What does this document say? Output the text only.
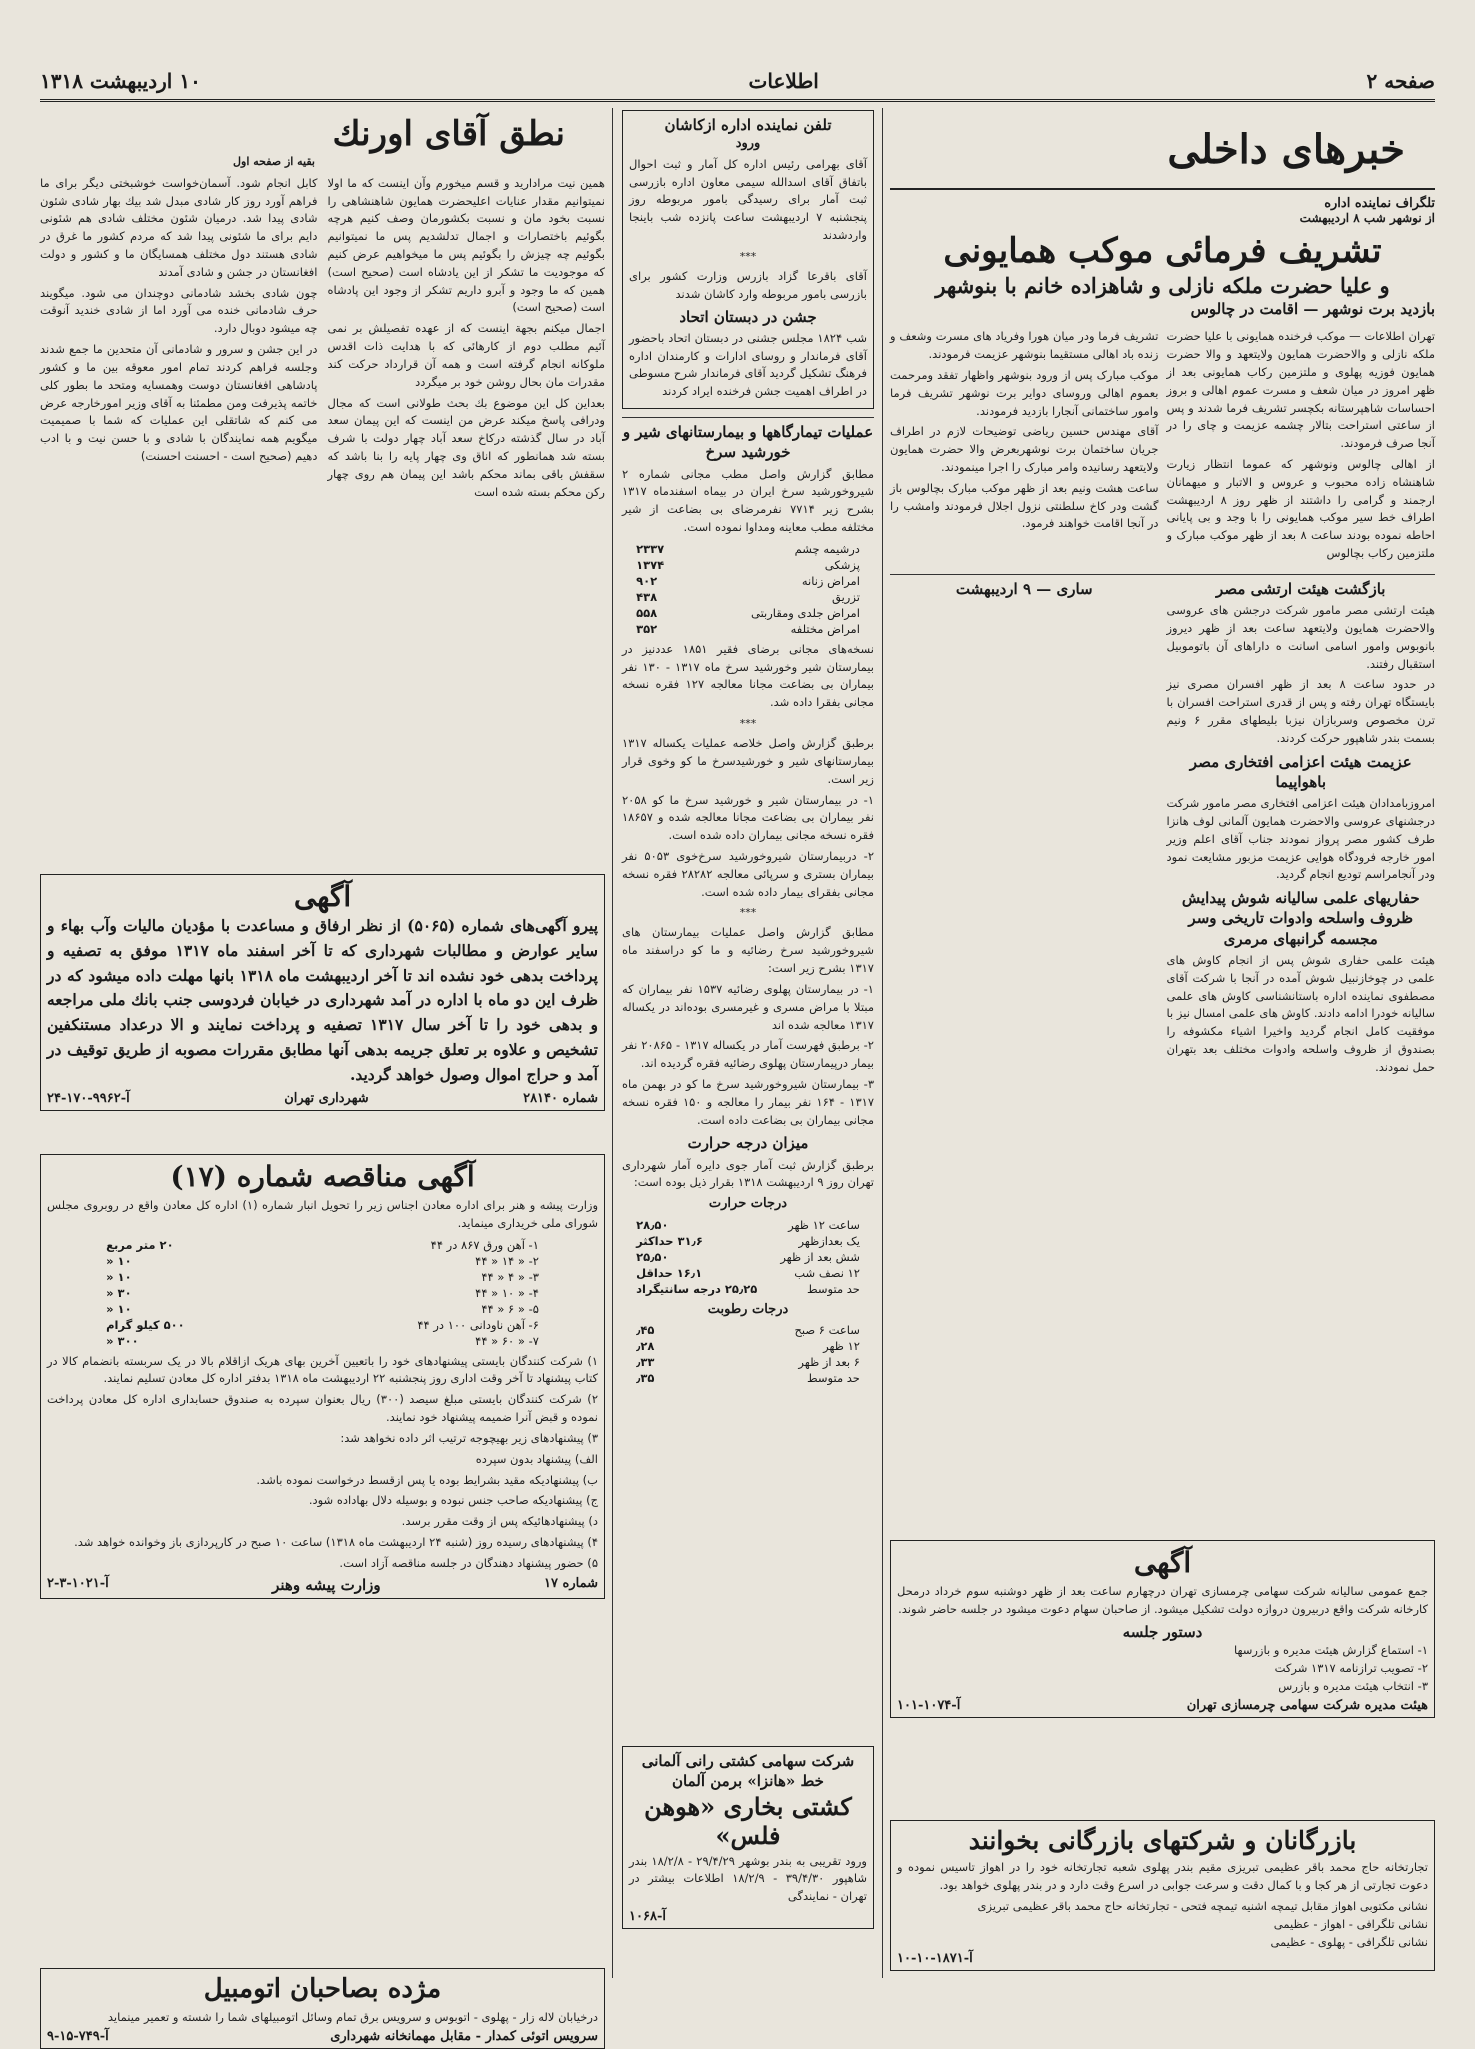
صفحه ۲
اطلاعات
۱۰ اردیبهشت ۱۳۱۸
خبرهای داخلی
تلگراف نماینده اداره
از نوشهر شب ۸ اردیبهشت
تشریف فرمائی موکب همایونی
و علیا حضرت ملکه نازلی و شاهزاده خانم با بنوشهر
بازدید برت نوشهر — اقامت در چالوس

تهران اطلاعات — موکب فرخنده همایونی با علیا حضرت ملکه نازلی و والاحضرت همایون ولایتعهد و والا حضرت همایون فوزیه پهلوی و ملتزمین رکاب همایونی بعد از ظهر امروز در میان شعف و مسرت عموم اهالی و بروز احساسات شاهپرستانه بکچسر تشریف فرما شدند و پس از ساعتی استراحت بتالار چشمه عزیمت و چای را در آنجا صرف فرمودند.

از اهالی چالوس ونوشهر که عموما انتظار زیارت شاهنشاه زاده محبوب و عروس و الاتبار و میهمانان ارجمند و گرامی را داشتند از ظهر روز ۸ اردیبهشت اطراف خط سیر موکب همایونی را با وجد و بی پایانی احاطه نموده بودند ساعت ۸ بعد از ظهر موکب مبارک و ملتزمین رکاب بچالوس

تشریف فرما ودر میان هورا وفریاد های مسرت وشعف و زنده باد اهالی مستقیما بنوشهر عزیمت فرمودند.

موکب مبارک پس از ورود بنوشهر واظهار تفقد ومرحمت بعموم اهالی وروسای دوایر برت نوشهر تشریف فرما وامور ساختمانی آنجارا بازدید فرمودند.

آقای مهندس حسین ریاضی توضیحات لازم در اطراف جریان ساختمان برت نوشهربعرض والا حضرت همایون ولایتعهد رسانیده وامر مبارک را اجرا مینمودند.

ساعت هشت ونیم بعد از ظهر موکب مبارک بچالوس باز گشت ودر کاخ سلطنتی نزول اجلال فرمودند وامشب را در آنجا اقامت خواهند فرمود.

بازگشت هیئت ارتشی مصر

هیئت ارتشی مصر مامور شرکت درجشن های عروسی والاحضرت همایون ولایتعهد ساعت بعد از ظهر دیروز بانوبوس وامور اسامی اسانت ه داراهای آن باتوموبیل استقبال رفتند.

در حدود ساعت ۸ بعد از ظهر افسران مصری نیز بایستگاه تهران رفته و پس از قدری استراحت افسران با ترن مخصوص وسربازان نیزبا بلیطهای مقرر ۶ ونیم بسمت بندر شاهپور حرکت کردند.

عزیمت هیئت اعزامی افتخاری مصر باهواپیما

امروزبامدادان هیئت اعزامی افتخاری مصر مامور شرکت درجشنهای عروسی والاحضرت همایون آلمانی لوف هانزا طرف کشور مصر پرواز نمودند جناب آقای اعلم وزیر امور خارجه فرودگاه هوایی عزیمت مزبور مشایعت نمود ودر آنجامراسم تودیع انجام گردید.

حفاریهای علمی سالیانه شوش پیدایش ظروف واسلحه وادوات تاریخی وسر مجسمه گرانبهای مرمری

هیئت علمی حفاری شوش پس از انجام کاوش های علمی در چوخازنبیل شوش آمده در آنجا با شرکت آقای مصطفوی نماینده اداره باستانشناسی کاوش های علمی سالیانه خودرا ادامه دادند. کاوش های علمی امسال نیز با موفقیت کامل انجام گردید واخیرا اشیاء مکشوفه را بصندوق از ظروف واسلحه وادوات مختلف بعد بتهران حمل نمودند.

ساری — ۹ اردیبهشت
آگهی

جمع عمومی سالیانه شرکت سهامی چرمسازی تهران درچهارم ساعت بعد از ظهر دوشنبه سوم خرداد درمحل کارخانه شرکت واقع دربیرون دروازه دولت تشکیل میشود. از صاحبان سهام دعوت میشود در جلسه حاضر شوند.

دستور جلسه
۱- استماع گزارش هیئت مدیره و بازرسها
۲- تصویب ترازنامه ۱۳۱۷ شرکت
۳- انتخاب هیئت مدیره و بازرس
هیئت مدیره شرکت سهامی چرمسازی تهران
آ-۱۰۷۴-۱۰۱
بازرگانان و شرکتهای بازرگانی بخوانند

تجارتخانه حاج محمد باقر عظیمی تبریزی مقیم بندر پهلوی شعبه تجارتخانه خود را در اهواز تاسیس نموده و دعوت تجارتی از هر کجا و با کمال دقت و سرعت جوابی در اسرع وقت دارد و در بندر پهلوی خواهد بود.

نشانی مکتوبی اهواز مقابل تیمچه اشنیه تیمچه فتحی - تجارتخانه حاج محمد باقر عظیمی تبریزی
نشانی تلگرافی - اهواز - عظیمی
نشانی تلگرافی - پهلوی - عظیمی
آ-۱۸۷۱-۱۰-۱۰
تلفن نماینده اداره ازکاشان
ورود

آقای بهرامی رئیس اداره کل آمار و ثبت احوال باتفاق آقای اسدالله سیمی معاون اداره بازرسی ثبت آمار برای رسیدگی بامور مربوطه روز پنجشنبه ۷ اردیبهشت ساعت پانزده شب باینجا واردشدند

***

آقای باقرعا گزاد بازرس وزارت کشور برای بازرسی بامور مربوطه وارد کاشان شدند

جشن در دبستان اتحاد

شب ۱۸۲۴ مجلس جشنی در دبستان اتحاد باحضور آقای فرماندار و روسای ادارات و کارمندان اداره فرهنگ تشکیل گردید آقای فرماندار شرح مسوطی در اطراف اهمیت جشن فرخنده ایراد کردند

عملیات تیمارگاهها و بیمارستانهای شیر و خورشید سرخ

مطابق گزارش واصل مطب مجانی شماره ۲ شیروخورشید سرخ ایران در بیماه اسفندماه ۱۳۱۷ بشرح زیر ۷۷۱۴ نفرمرضای بی بضاعت از شیر مختلفه مطب معاینه ومداوا نموده است.

درشیمه چشم	۲۳۳۷
پزشکی	۱۳۷۴
امراض زنانه	۹۰۲
تزریق	۴۳۸
امراض جلدی ومقاربتی	۵۵۸
امراض مختلفه	۳۵۲

نسخه‌های مجانی برضای فقیر ۱۸۵۱ عددنیز در بیمارستان شیر وخورشید سرخ ماه ۱۳۱۷ - ۱۳۰ نفر بیماران بی بضاعت مجانا معالجه ۱۲۷ فقره نسخه مجانی بفقرا داده شد.

***

برطبق گزارش واصل خلاصه عملیات یکساله ۱۳۱۷ بیمارستانهای شیر و خورشیدسرخ ما کو وخوی قرار زیر است.

۱- در بیمارستان شیر و خورشید سرخ ما کو ۲۰۵۸ نفر بیماران بی بضاعت مجانا معالجه شده و ۱۸۶۵۷ فقره نسخه مجانی بیماران داده شده است.

۲- دربیمارستان شیروخورشید سرخ‌خوی ۵۰۵۳ نفر بیماران بستری و سرپائی معالجه ۲۸۲۸۲ فقره نسخه مجانی بفقرای بیمار داده شده است.

***

مطابق گزارش واصل عملیات بیمارستان های شیروخورشید سرخ رضائیه و ما کو دراسفند ماه ۱۳۱۷ بشرح زیر است:

۱- در بیمارستان پهلوی رضائیه ۱۵۳۷ نفر بیماران که مبتلا با مراض مسری و غیرمسری بوده‌اند در یکساله ۱۳۱۷ معالجه شده اند

۲- برطبق فهرست آمار در یکساله ۱۳۱۷ - ۲۰۸۶۵ نفر بیمار درپیمارستان پهلوی رضائیه فقره گردیده اند.

۳- بیمارستان شیروخورشید سرخ ما کو در بهمن ماه ۱۳۱۷ - ۱۶۴ نفر بیمار را معالجه و ۱۵۰ فقره نسخه مجانی بیماران بی بضاعت داده است.

میزان درجه حرارت

برطبق گزارش ثبت آمار جوی دایره آمار شهرداری تهران روز ۹ اردیبهشت ۱۳۱۸ بقرار ذیل بوده است:

درجات حرارت
ساعت ۱۲ ظهر	۲۸٫۵۰
یک بعدازظهر	۳۱٫۶ حداکثر
شش بعد از ظهر	۲۵٫۵۰
۱۲ نصف شب	۱۶٫۱ حداقل
حد متوسط	۲۵٫۲۵ درجه سانتیگراد
درجات رطوبت
ساعت ۶ صبح	٫۴۵
۱۲ ظهر	٫۲۸
۶ بعد از ظهر	٫۳۳
حد متوسط	٫۳۵
شرکت سهامی کشتی رانی آلمانی خط «هانزا» برمن آلمان
کشتی بخاری «هوهن فلس»

ورود تقریبی به بندر بوشهر ۲۹/۴/۲۹ - ۱۸/۲/۸ بندر شاهپور ۳۹/۴/۳۰ - ۱۸/۲/۹ اطلاعات بیشتر در تهران - نمایندگی

آ-۱۰۶۸
نطق آقای اورنك
بقیه از صفحه اول

همین نیت مرادارید و قسم میخورم وآن اینست که ما اولا نمیتوانیم مقدار عنایات اعلیحضرت همایون شاهنشاهی را نسبت بخود مان و نسبت بکشورمان وصف کنیم هرچه بگوئیم باختصارات و اجمال تدلشدیم پس ما نمیتوانیم بگوئیم چه چیزش را بگوئیم پس ما میخواهیم عرض کنیم که موجودیت ما تشکر از این یادشاه است (صحیح است) همین که ما وجود و آبرو داریم تشکر از وجود این پادشاه است (صحیح است)

اجمال میکنم بجهة اینست که از عهده تفصیلش بر نمی آئیم مطلب دوم از کارهائی که با هدایت ذات اقدس ملوکانه انجام گرفته است و همه آن قرارداد حرکت کند مقدرات مان بحال روشن خود بر میگردد

بعداین کل این موضوع بك بحث طولانی است که مجال ودرافی پاسخ میکند عرض من اینست که این پیمان سعد آباد در سال گذشته درکاخ سعد آباد چهار دولت با شرف بسته شد همانطور که اناق وی چهار پایه را بنا باشد که سقفش باقی بماند محکم باشد این پیمان هم روی چهار رکن محکم بسته شده است

کابل انجام شود. آسمان‌خواست خوشبختی دیگر برای ما فراهم آورد روز کار شادی مبدل شد بیك بهار شادی شئون شادی پیدا شد. درمیان شئون مختلف شادی هم شئونی دایم برای ما شئونی پیدا شد که مردم کشور ما غرق در شادی هستند دول مختلف همسایگان ما و کشور و دولت افغانستان در جشن و شادی آمدند

چون شادی بخشد شادمانی دوچندان می شود. میگویند حرف شادمانی خنده می آورد اما از شادی خندید آنوقت چه میشود دوبال دارد.

در این جشن و سرور و شادمانی آن متحدین ما جمع شدند وجلسه فراهم کردند تمام امور معوقه بین ما و کشور پادشاهی افغانستان دوست وهمسایه ومتحد ما بطور کلی خاتمه پذیرفت ومن مطمئنا به آقای وزیر امورخارجه عرض می کنم که شاتقلی این عملیات که شما با صمیمیت میگویم همه نمایندگان با شادی و با حسن نیت و با ادب دهیم (صحیح است - احسنت احسنت)

آگهی

پیرو آگهی‌های شماره (۵۰۶۵) از نظر ارفاق و مساعدت با مؤدیان مالیات وآب بهاء و سایر عوارض و مطالبات شهرداری که تا آخر اسفند ماه ۱۳۱۷ موفق به تصفیه و پرداخت بدهی خود نشده اند تا آخر اردیبهشت ماه ۱۳۱۸ بانها مهلت داده میشود که در ظرف این دو ماه با اداره در آمد شهرداری در خیابان فردوسی جنب بانك ملی مراجعه و بدهی خود را تا آخر سال ۱۳۱۷ تصفیه و پرداخت نمایند و الا درعداد مستنکفین تشخیص و علاوه بر تعلق جریمه بدهی آنها مطابق مقررات مصوبه از طریق توقیف در آمد و حراج اموال وصول خواهد گردید.

شماره ۲۸۱۴۰
شهرداری تهران
آ-۹۹۶۲-۱۷۰-۲۴
آگهی مناقصه شماره (۱۷)

وزارت پیشه و هنر برای اداره معادن اجناس زیر را تحویل انبار شماره (۱) اداره کل معادن واقع در روبروی مجلس شورای ملی خریداری مینماید.

۱- آهن ورق ۸۶۷ در ۴۴	۲۰ متر مربع
۲- « ۱۴ « ۴۴	۱۰ «
۳- « ۴ « ۴۴	۱۰ «
۴- « ۱۰ « ۴۴	۳۰ «
۵- « ۶ « ۴۴	۱۰ «
۶- آهن ناودانی ۱۰۰ در ۴۴	۵۰۰ کیلو گرام
۷- « ۶۰ « ۴۴	۳۰۰ «

۱) شرکت کنندگان بایستی پیشنهادهای خود را باتعیین آخرین بهای هریک ازاقلام بالا در یک سربسته بانضمام کالا در کتاب پیشنهاد تا آخر وقت اداری روز پنجشنبه ۲۲ اردیبهشت ماه ۱۳۱۸ بدفتر اداره کل معادن تسلیم نمایند.

۲) شرکت کنندگان بایستی مبلغ سیصد (۳۰۰) ریال بعنوان سپرده به صندوق حسابداری اداره کل معادن پرداخت نموده و قبض آنرا ضمیمه پیشنهاد خود نمایند.

۳) پیشنهادهای زیر بهیچوجه ترتیب اثر داده نخواهد شد:

الف) پیشنهاد بدون سپرده

ب) پیشنهادیکه مقید بشرایط بوده یا پس ازقسط درخواست نموده باشد.

ج) پیشنهادیکه صاحب جنس نبوده و بوسیله دلال بهاداده شود.

د) پیشنهادهائیکه پس از وقت مقرر برسد.

۴) پیشنهادهای رسیده روز (شنبه ۲۴ اردیبهشت ماه ۱۳۱۸) ساعت ۱۰ صبح در کارپردازی باز وخوانده خواهد شد.

۵) حضور پیشنهاد دهندگان در جلسه مناقصه آزاد است.

شماره ۱۷
وزارت پیشه وهنر
آ-۱۰۲۱-۳-۲
مژده بصاحبان اتومبیل

درخیابان لاله زار - پهلوی - اتوبوس و سرویس برق تمام وسائل اتومبیلهای شما را شسته و تعمیر مینماید

سرویس اتوئی کمدار - مقابل مهمانخانه شهرداری
آ-۷۴۹-۱۵-۹
